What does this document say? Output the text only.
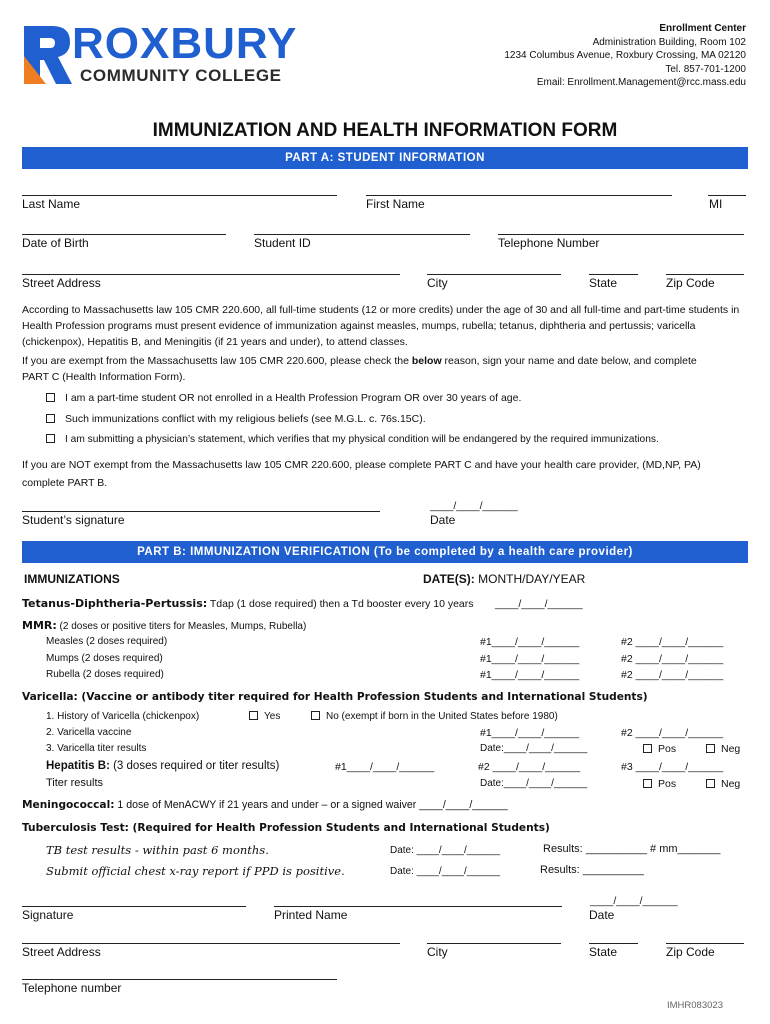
ROXBURY
COMMUNITY COLLEGE
Enrollment Center
Administration Building, Room 102
1234 Columbus Avenue, Roxbury Crossing, MA 02120
Tel. 857-701-1200
Email: Enrollment.Management@rcc.mass.edu
IMMUNIZATION AND HEALTH INFORMATION FORM
PART A: STUDENT INFORMATION
Last Name	First Name	MI
Date of Birth	Student ID	Telephone Number
Street Address	City	State	Zip Code

According to Massachusetts law 105 CMR 220.600, all full-time students (12 or more credits) under the age of 30 and all full-time and part-time students in Health Profession programs must present evidence of immunization against measles, mumps, rubella; tetanus, diphtheria and pertussis; varicella (chickenpox), Hepatitis B, and Meningitis (if 21 years and under), to attend classes.

If you are exempt from the Massachusetts law 105 CMR 220.600, please check the below reason, sign your name and date below, and complete PART C (Health Information Form).

I am a part-time student OR not enrolled in a Health Profession Program OR over 30 years of age.
Such immunizations conflict with my religious beliefs (see M.G.L. c. 76s.15C).
I am submitting a physician’s statement, which verifies that my physical condition will be endangered by the required immunizations.

If you are NOT exempt from the Massachusetts law 105 CMR 220.600, please complete PART C and have your health care provider, (MD,NP, PA) complete PART B.

____/____/______
Student’s signature	Date
PART B: IMMUNIZATION VERIFICATION (To be completed by a health care provider)
IMMUNIZATIONS	DATE(S): MONTH/DAY/YEAR
Tetanus-Diphtheria-Pertussis: Tdap (1 dose required) then a Td booster every 10 years ____/____/______
MMR: (2 doses or positive titers for Measles, Mumps, Rubella)
Measles (2 doses required)	#1____/____/______	#2 ____/____/______
Mumps (2 doses required)	#1____/____/______	#2 ____/____/______
Rubella (2 doses required)	#1____/____/______	#2 ____/____/______
Varicella: (Vaccine or antibody titer required for Health Profession Students and International Students)
1. History of Varicella (chickenpox)	Yes	No (exempt if born in the United States before 1980)
2. Varicella vaccine	#1____/____/______	#2 ____/____/______
3. Varicella titer results	Date:____/____/______	Pos	Neg
Hepatitis B: (3 doses required or titer results)	#1____/____/______	#2 ____/____/______	#3 ____/____/______
Titer results	Date:____/____/______	Pos	Neg
Meningococcal: 1 dose of MenACWY if 21 years and under – or a signed waiver ____/____/______
Tuberculosis Test: (Required for Health Profession Students and International Students)
TB test results - within past 6 months.	Date: ____/____/______	Results: __________ # mm_______
Submit official chest x-ray report if PPD is positive.	Date: ____/____/______	Results: __________
____/____/______
Signature	Printed Name	Date
Street Address	City	State	Zip Code
Telephone number
IMHR083023
